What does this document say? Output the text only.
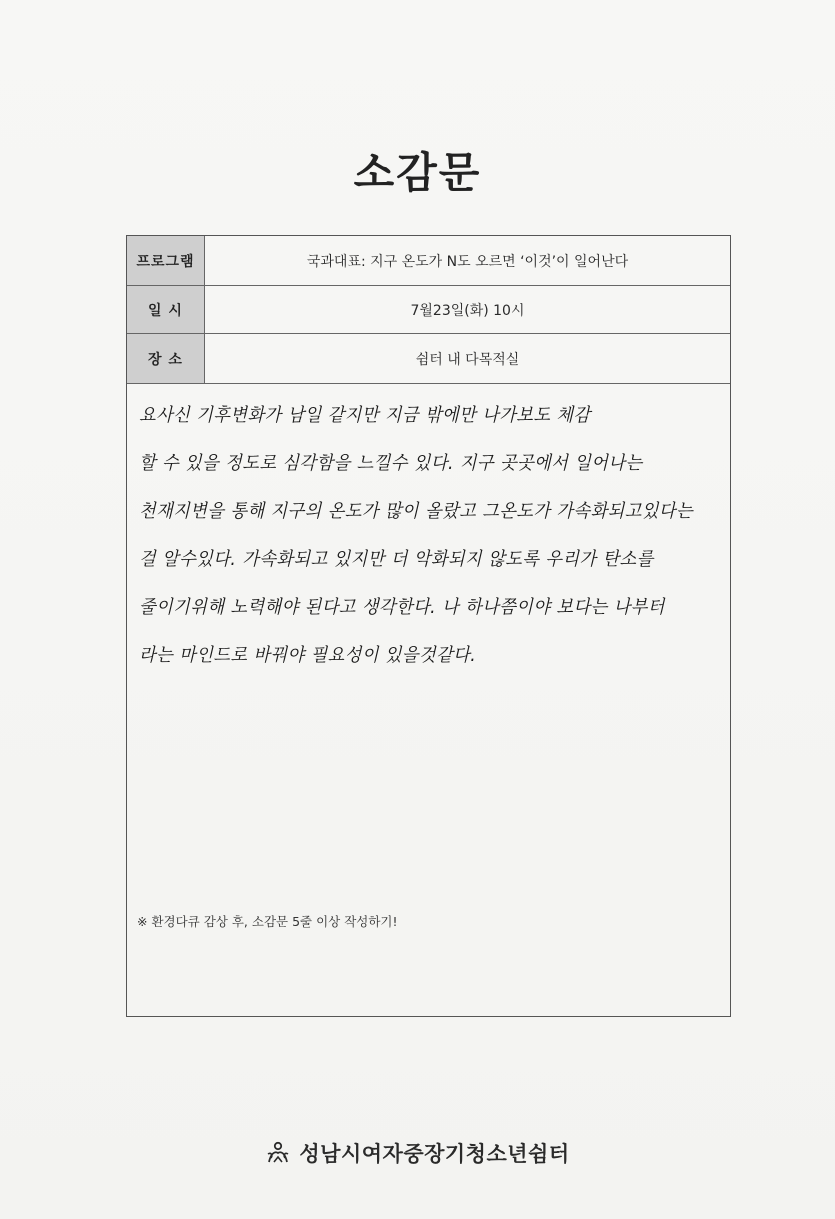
소감문
프로그램	국과대표: 지구 온도가 N도 오르면 ‘이것’이 일어난다
일 시	7월23일(화) 10시
장 소	쉼터 내 다목적실
요사신 기후변화가 남일 같지만 지금 밖에만 나가보도 체감
할 수 있을 정도로 심각함을 느낄수 있다. 지구 곳곳에서 일어나는
천재지변을 통해 지구의 온도가 많이 올랐고 그온도가 가속화되고있다는
걸 알수있다. 가속화되고 있지만 더 악화되지 않도록 우리가 탄소를
줄이기위해 노력해야 된다고 생각한다. 나 하나쯤이야 보다는 나부터
라는 마인드로 바꿔야 필요성이 있을것같다.
※ 환경다큐 감상 후, 소감문 5줄 이상 작성하기!
성남시여자중장기청소년쉼터
